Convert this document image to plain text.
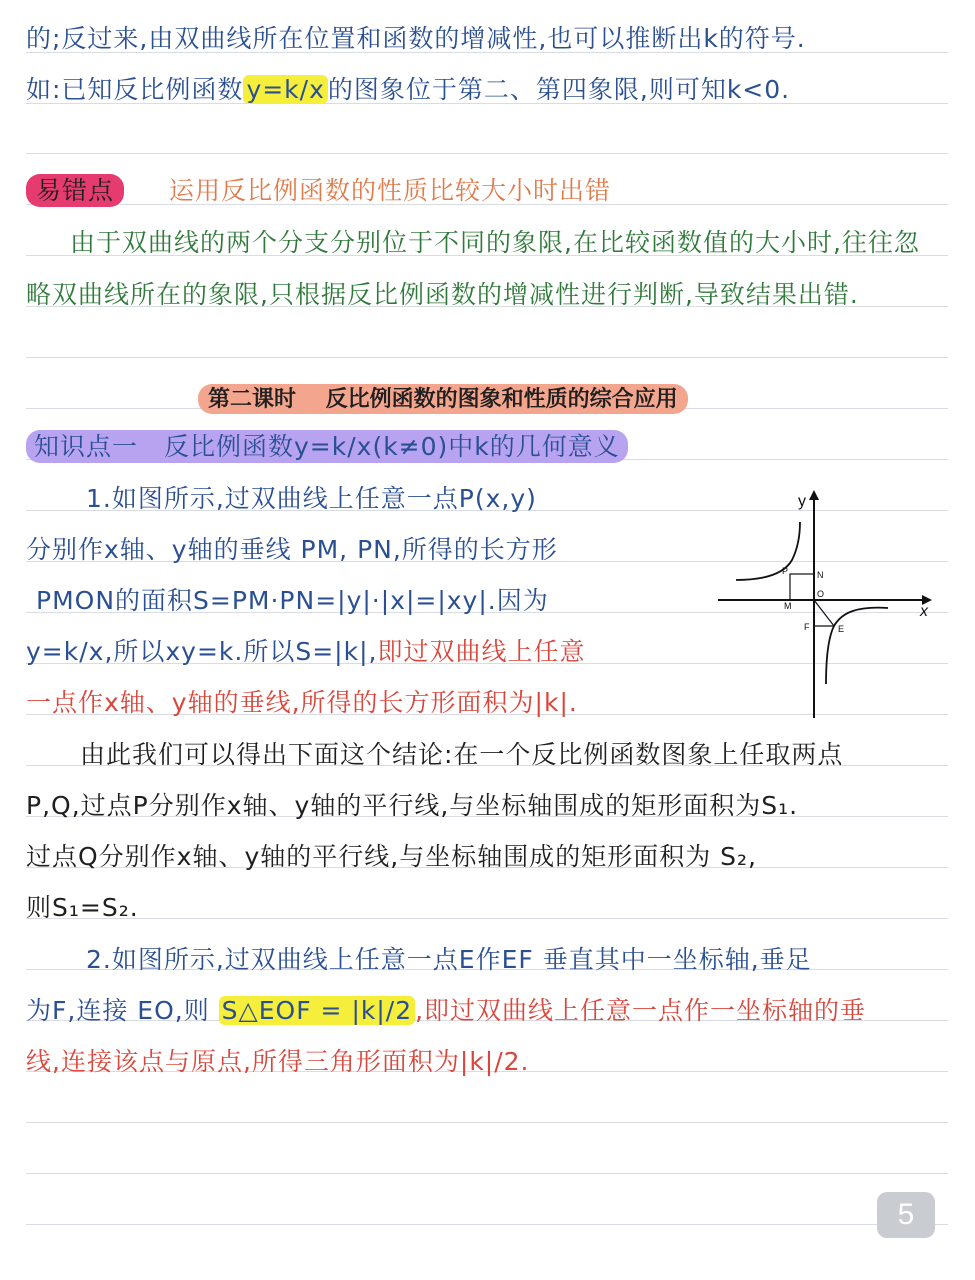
的;反过来,由双曲线所在位置和函数的增减性,也可以推断出k的符号.
如:已知反比例函数 y=k/x 的图象位于第二、第四象限,则可知k<0.
易错点 运用反比例函数的性质比较大小时出错
由于双曲线的两个分支分别位于不同的象限,在比较函数值的大小时,往往忽
略双曲线所在的象限,只根据反比例函数的增减性进行判断,导致结果出错.
第二课时　 反比例函数的图象和性质的综合应用
知识点一　反比例函数y=k/x(k≠0)中k的几何意义
1.如图所示,过双曲线上任意一点P(x,y)
分别作x轴、y轴的垂线 PM, PN,所得的长方形
PMON的面积S=PM·PN=|y|·|x|=|xy|.因为
y=k/x,所以xy=k.所以S=|k|,即过双曲线上任意
一点作x轴、y轴的垂线,所得的长方形面积为|k|.
y
x
P	N
M
O
F	E
由此我们可以得出下面这个结论:在一个反比例函数图象上任取两点
P,Q,过点P分别作x轴、y轴的平行线,与坐标轴围成的矩形面积为S₁.
过点Q分别作x轴、y轴的平行线,与坐标轴围成的矩形面积为 S₂,
则S₁=S₂.
2.如图所示,过双曲线上任意一点E作EF 垂直其中一坐标轴,垂足
为F,连接 EO,则 S△EOF = |k|/2 ,即过双曲线上任意一点作一坐标轴的垂
线,连接该点与原点,所得三角形面积为|k|/2.
5
